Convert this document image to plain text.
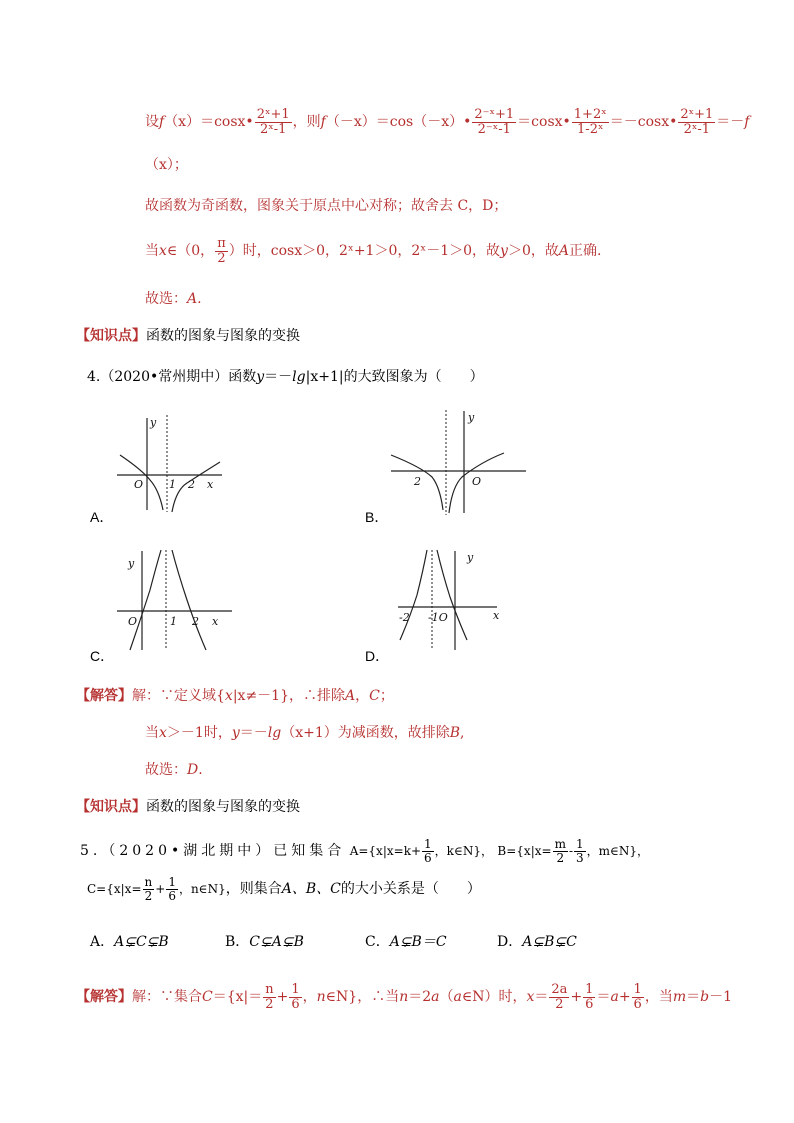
设f（x）＝cosx• $\frac{\text{2ˣ+1}}{\text{2ˣ-1}}$ ，则f（－x）＝cos（－x）• $\frac{\text{2⁻ˣ+1}}{\text{2⁻ˣ-1}}$ ＝cosx• $\frac{\text{1+2ˣ}}{\text{1-2ˣ}}$ ＝－cosx• $\frac{\text{2ˣ+1}}{\text{2ˣ-1}} =-f$
（x）；
故函数为奇函数，图象关于原点中心对称；故舍去 C，D；
当x∈（0， $\frac{\pi}{2}$ ）时，cosx＞0，2ˣ+1＞0，2ˣ－1＞0，故y＞0，故A正确.
故选：A.
【知识点】函数的图象与图象的变换
4.（2020•常州期中）函数y＝－lg|x+1|的大致图象为（　　）
y
O 1 2 x
A．
y
2	O
B．
y
O	1 2 x
C．
y
-2 -1O	x
D．
【解答】解：∵定义域{x|x≠－1}，∴排除A，C；
当x＞－1时，y＝－lg（x+1）为减函数，故排除B,
故选：D.
【知识点】函数的图象与图象的变换
5.（2020•湖北期中）已知集合 $A=\{x|x=k+ \frac{1}{6}$ ，k∈N}， $B=\{x|x= \frac{m}{2} - \frac{1}{3}$ ，m∈N}，
$C=\{x|x= \frac{n}{2} + \frac{1}{6}$ ，n∈N}，则集合A、B、C的大小关系是（　　）
A．A⊊C⊊B	B．C⊊A⊊B	C．A⊊B＝C	D．A⊊B⊊C
【解答】解：∵集合$C=\{x|= \frac{n}{2} + \frac{1}{6}$ ，n∈N}，∴当n＝2a（a∈N）时，$x= \frac{2a}{2} + \frac{1}{6} =a+ \frac{1}{6}$ ，当m＝b－1
